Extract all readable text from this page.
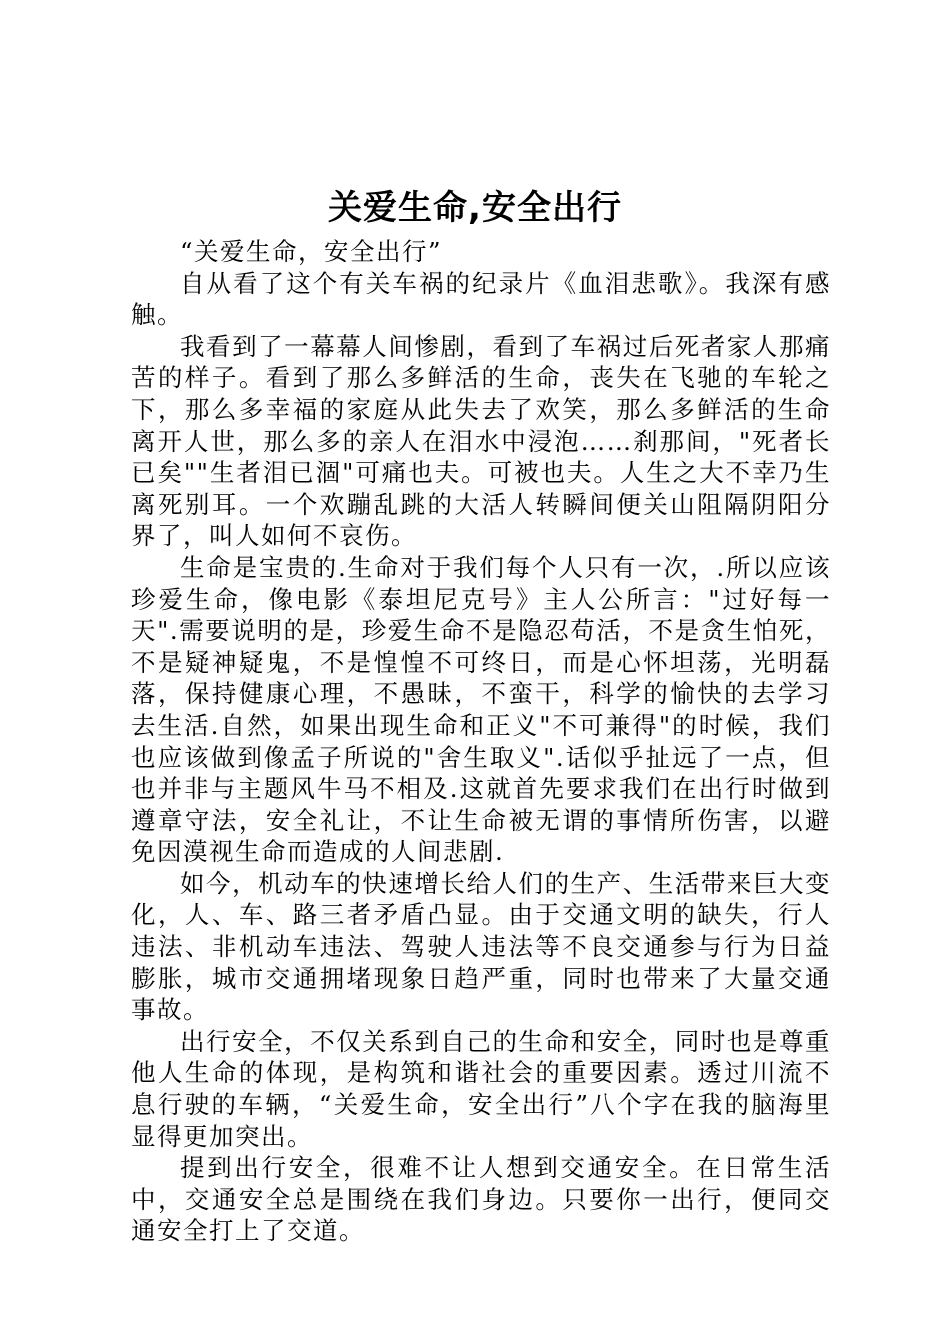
关爱生命,安全出行

“关爱生命，安全出行”

自从看了这个有关车祸的纪录片《血泪悲歌》。我深有感触。

我看到了一幕幕人间惨剧，看到了车祸过后死者家人那痛苦的样子。看到了那么多鲜活的生命，丧失在飞驰的车轮之下，那么多幸福的家庭从此失去了欢笑，那么多鲜活的生命离开人世，那么多的亲人在泪水中浸泡……刹那间，"死者长已矣""生者泪已涸"可痛也夫。可被也夫。人生之大不幸乃生离死别耳。一个欢蹦乱跳的大活人转瞬间便关山阻隔阴阳分界了，叫人如何不哀伤。

生命是宝贵的.生命对于我们每个人只有一次，.所以应该珍爱生命，像电影《泰坦尼克号》主人公所言："过好每一天".需要说明的是，珍爱生命不是隐忍苟活，不是贪生怕死，不是疑神疑鬼，不是惶惶不可终日，而是心怀坦荡，光明磊落，保持健康心理，不愚昧，不蛮干，科学的愉快的去学习去生活.自然，如果出现生命和正义"不可兼得"的时候，我们也应该做到像孟子所说的"舍生取义".话似乎扯远了一点，但也并非与主题风牛马不相及.这就首先要求我们在出行时做到遵章守法，安全礼让，不让生命被无谓的事情所伤害，以避免因漠视生命而造成的人间悲剧.

如今，机动车的快速增长给人们的生产、生活带来巨大变化，人、车、路三者矛盾凸显。由于交通文明的缺失，行人违法、非机动车违法、驾驶人违法等不良交通参与行为日益膨胀，城市交通拥堵现象日趋严重，同时也带来了大量交通事故。

出行安全，不仅关系到自己的生命和安全，同时也是尊重他人生命的体现，是构筑和谐社会的重要因素。透过川流不息行驶的车辆，“关爱生命，安全出行”八个字在我的脑海里显得更加突出。

提到出行安全，很难不让人想到交通安全。在日常生活中，交通安全总是围绕在我们身边。只要你一出行，便同交通安全打上了交道。
